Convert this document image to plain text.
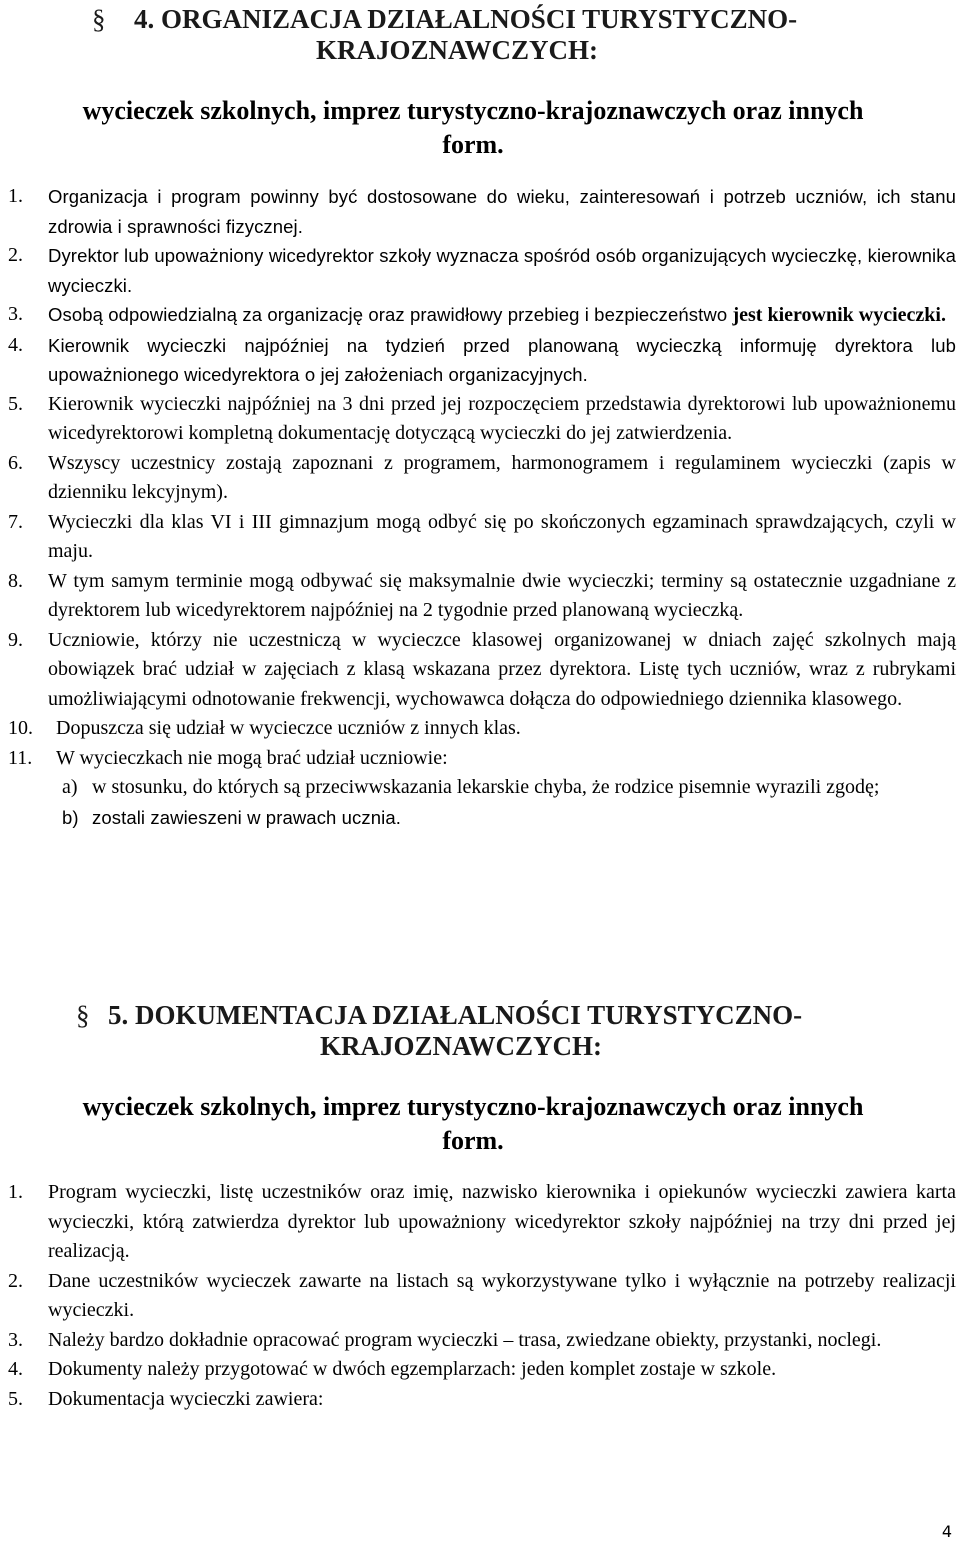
§ 4. ORGANIZACJA DZIAŁALNOŚCI TURYSTYCZNO-
KRAJOZNAWCZYCH:
wycieczek szkolnych, imprez turystyczno-krajoznawczych oraz innych
form.
1. Organizacja i program powinny być dostosowane do wieku, zainteresowań i potrzeb uczniów, ich stanu zdrowia i sprawności fizycznej.
2. Dyrektor lub upoważniony wicedyrektor szkoły wyznacza spośród osób organizujących wycieczkę, kierownika wycieczki.
3. Osobą odpowiedzialną za organizację oraz prawidłowy przebieg i bezpieczeństwo jest kierownik wycieczki.
4. Kierownik wycieczki najpóźniej na tydzień przed planowaną wycieczką informuję dyrektora lub upoważnionego wicedyrektora o jej założeniach organizacyjnych.
5. Kierownik wycieczki najpóźniej na 3 dni przed jej rozpoczęciem przedstawia dyrektorowi lub upoważnionemu wicedyrektorowi kompletną dokumentację dotyczącą wycieczki do jej zatwierdzenia.
6. Wszyscy uczestnicy zostają zapoznani z programem, harmonogramem i regulaminem wycieczki (zapis w dzienniku lekcyjnym).
7. Wycieczki dla klas VI i III gimnazjum mogą odbyć się po skończonych egzaminach sprawdzających, czyli w maju.
8. W tym samym terminie mogą odbywać się maksymalnie dwie wycieczki; terminy są ostatecznie uzgadniane z dyrektorem lub wicedyrektorem najpóźniej na 2 tygodnie przed planowaną wycieczką.
9. Uczniowie, którzy nie uczestniczą w wycieczce klasowej organizowanej w dniach zajęć szkolnych mają obowiązek brać udział w zajęciach z klasą wskazana przez dyrektora. Listę tych uczniów, wraz z rubrykami umożliwiającymi odnotowanie frekwencji, wychowawca dołącza do odpowiedniego dziennika klasowego.
10. Dopuszcza się udział w wycieczce uczniów z innych klas.
11. W wycieczkach nie mogą brać udział uczniowie:
a) w stosunku, do których są przeciwwskazania lekarskie chyba, że rodzice pisemnie wyrazili zgodę;
b) zostali zawieszeni w prawach ucznia.
§ 5. DOKUMENTACJA DZIAŁALNOŚCI TURYSTYCZNO-
KRAJOZNAWCZYCH:
wycieczek szkolnych, imprez turystyczno-krajoznawczych oraz innych
form.
1. Program wycieczki, listę uczestników oraz imię, nazwisko kierownika i opiekunów wycieczki zawiera karta wycieczki, którą zatwierdza dyrektor lub upoważniony wicedyrektor szkoły najpóźniej na trzy dni przed jej realizacją.
2. Dane uczestników wycieczek zawarte na listach są wykorzystywane tylko i wyłącznie na potrzeby realizacji wycieczki.
3. Należy bardzo dokładnie opracować program wycieczki – trasa, zwiedzane obiekty, przystanki, noclegi.
4. Dokumenty należy przygotować w dwóch egzemplarzach: jeden komplet zostaje w szkole.
5. Dokumentacja wycieczki zawiera:
4
